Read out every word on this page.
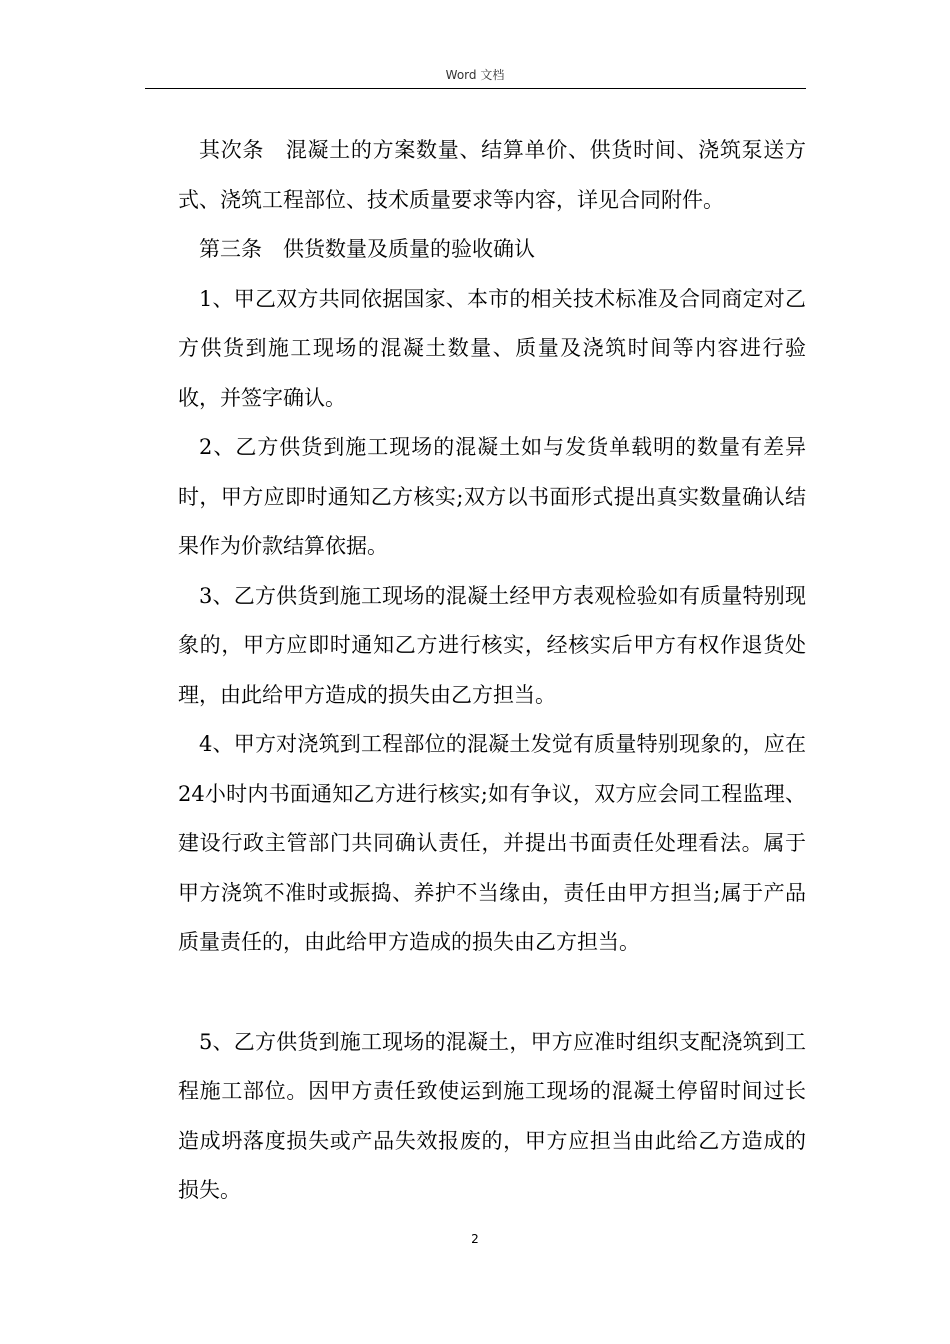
Word 文档

其次条　混凝土的方案数量、结算单价、供货时间、浇筑泵送方式、浇筑工程部位、技术质量要求等内容，详见合同附件。

第三条　供货数量及质量的验收确认

1、甲乙双方共同依据国家、本市的相关技术标准及合同商定对乙方供货到施工现场的混凝土数量、质量及浇筑时间等内容进行验收，并签字确认。

2、乙方供货到施工现场的混凝土如与发货单载明的数量有差异时，甲方应即时通知乙方核实;双方以书面形式提出真实数量确认结果作为价款结算依据。

3、乙方供货到施工现场的混凝土经甲方表观检验如有质量特别现象的，甲方应即时通知乙方进行核实，经核实后甲方有权作退货处理，由此给甲方造成的损失由乙方担当。

4、甲方对浇筑到工程部位的混凝土发觉有质量特别现象的，应在24小时内书面通知乙方进行核实;如有争议，双方应会同工程监理、建设行政主管部门共同确认责任，并提出书面责任处理看法。属于甲方浇筑不准时或振捣、养护不当缘由，责任由甲方担当;属于产品质量责任的，由此给甲方造成的损失由乙方担当。

5、乙方供货到施工现场的混凝土，甲方应准时组织支配浇筑到工程施工部位。因甲方责任致使运到施工现场的混凝土停留时间过长造成坍落度损失或产品失效报废的，甲方应担当由此给乙方造成的损失。

2
